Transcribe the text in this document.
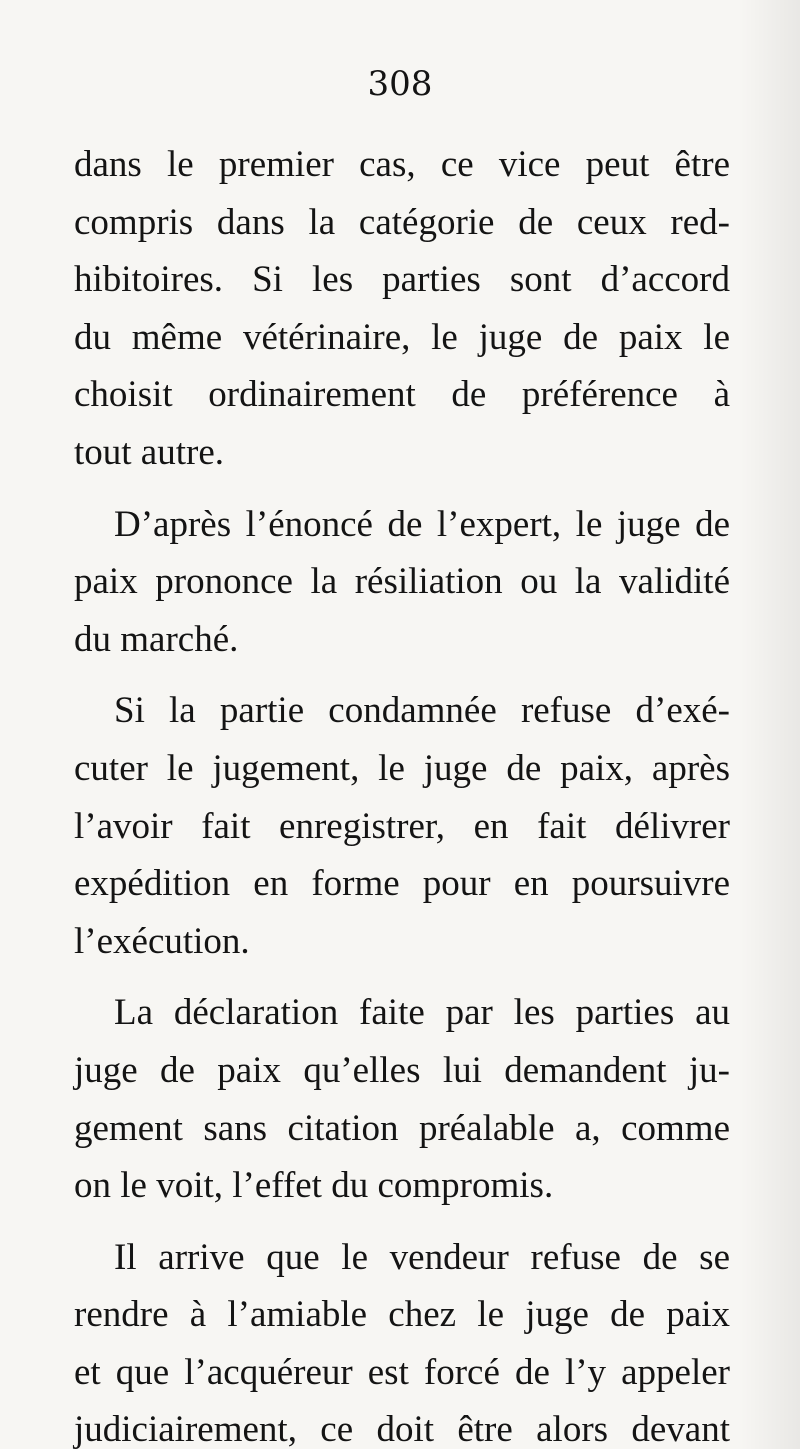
308
dans le premier cas, ce vice peut être
compris dans la catégorie de ceux red-
hibitoires. Si les parties sont d’accord
du même vétérinaire, le juge de paix le
choisit ordinairement de préférence à
tout autre.
D’après l’énoncé de l’expert, le juge de
paix prononce la résiliation ou la validité
du marché.
Si la partie condamnée refuse d’exé-
cuter le jugement, le juge de paix, après
l’avoir fait enregistrer, en fait délivrer
expédition en forme pour en poursuivre
l’exécution.
La déclaration faite par les parties au
juge de paix qu’elles lui demandent ju-
gement sans citation préalable a, comme
on le voit, l’effet du compromis.
Il arrive que le vendeur refuse de se
rendre à l’amiable chez le juge de paix
et que l’acquéreur est forcé de l’y appeler
judiciairement, ce doit être alors devant
